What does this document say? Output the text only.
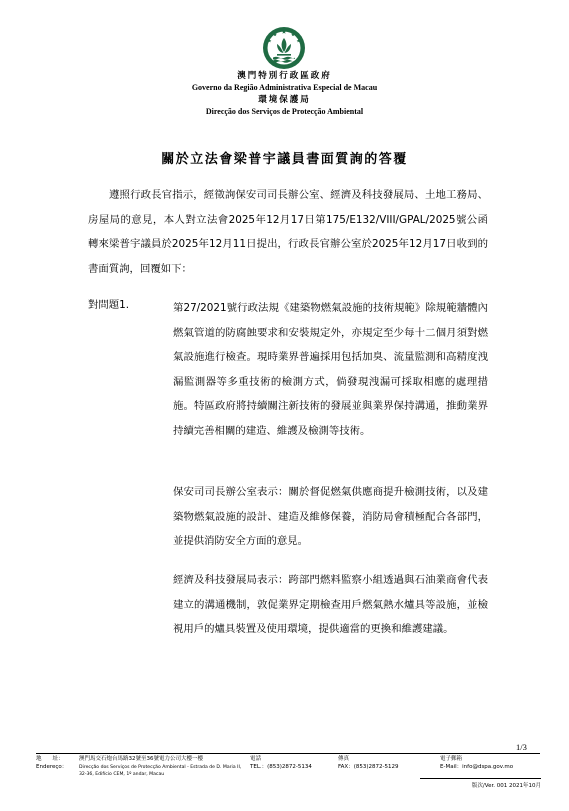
澳門特別行政區政府
Governo da Região Administrativa Especial de Macau
環境保護局
Direcção dos Serviços de Protecção Ambiental
關於立法會梁普宇議員書面質詢的答覆

遵照行政長官指示，經徵詢保安司司長辦公室、經濟及科技發展局、土地工務局、房屋局的意見，本人對立法會2025年12月17日第175/E132/VIII/GPAL/2025號公函轉來梁普宇議員於2025年12月11日提出，行政長官辦公室於2025年12月17日收到的書面質詢，回覆如下：

對問題1.	第27/2021號行政法規《建築物燃氣設施的技術規範》除規範牆體內燃氣管道的防腐蝕要求和安裝規定外，亦規定至少每十二個月須對燃氣設施進行檢查。現時業界普遍採用包括加臭、流量監測和高精度洩漏監測器等多重技術的檢測方式，倘發現洩漏可採取相應的處理措施。特區政府將持續關注新技術的發展並與業界保持溝通，推動業界持續完善相關的建造、維護及檢測等技術。

保安司司長辦公室表示：關於督促燃氣供應商提升檢測技術，以及建築物燃氣設施的設計、建造及維修保養，消防局會積極配合各部門，並提供消防安全方面的意見。

經濟及科技發展局表示：跨部門燃料監察小組透過與石油業商會代表建立的溝通機制，敦促業界定期檢查用戶燃氣熱水爐具等設施，並檢視用戶的爐具裝置及使用環境，提供適當的更換和維護建議。

1/3
地　　址：
Endereço：
澳門馬交石炮台馬路32號至36號電力公司大樓一樓
Direcção dos Serviços de Protecção Ambiental - Estrada de D. Maria II,
32-36, Edifício CEM, 1º andar, Macau
電話
TEL.：(853)2872-5134
傳真
FAX：(853)2872-5129
電子郵箱
E-Mail：info@dspa.gov.mo
版次/Ver. 001 2021年10月
